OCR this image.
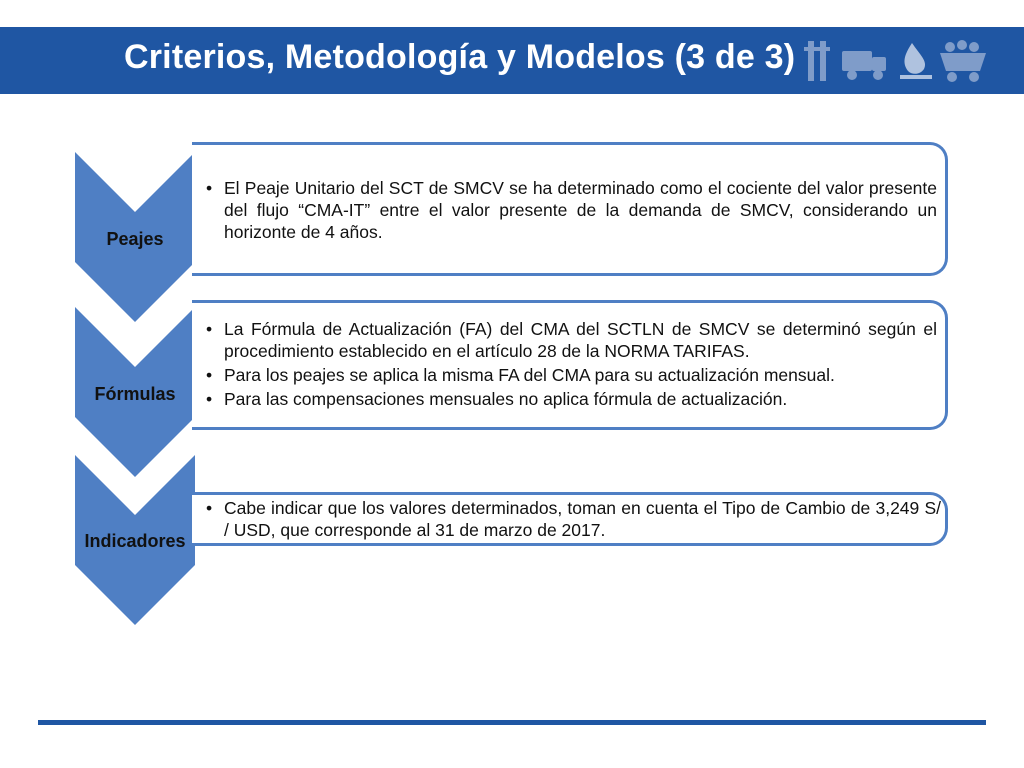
Criterios, Metodología y Modelos (3 de 3)
Peajes
Fórmulas
Indicadores
• El Peaje Unitario del SCT de SMCV se ha determinado como el cociente del valor presente del flujo “CMA-IT” entre el valor presente de la demanda de SMCV, considerando un horizonte de 4 años.
• La Fórmula de Actualización (FA) del CMA del SCTLN de SMCV se determinó según el procedimiento establecido en el artículo 28 de la NORMA TARIFAS.
• Para los peajes se aplica la misma FA del CMA para su actualización mensual.
• Para las compensaciones mensuales no aplica fórmula de actualización.
• Cabe indicar que los valores determinados, toman en cuenta el Tipo de Cambio de 3,249 S/ / USD, que corresponde al 31 de marzo de 2017.
